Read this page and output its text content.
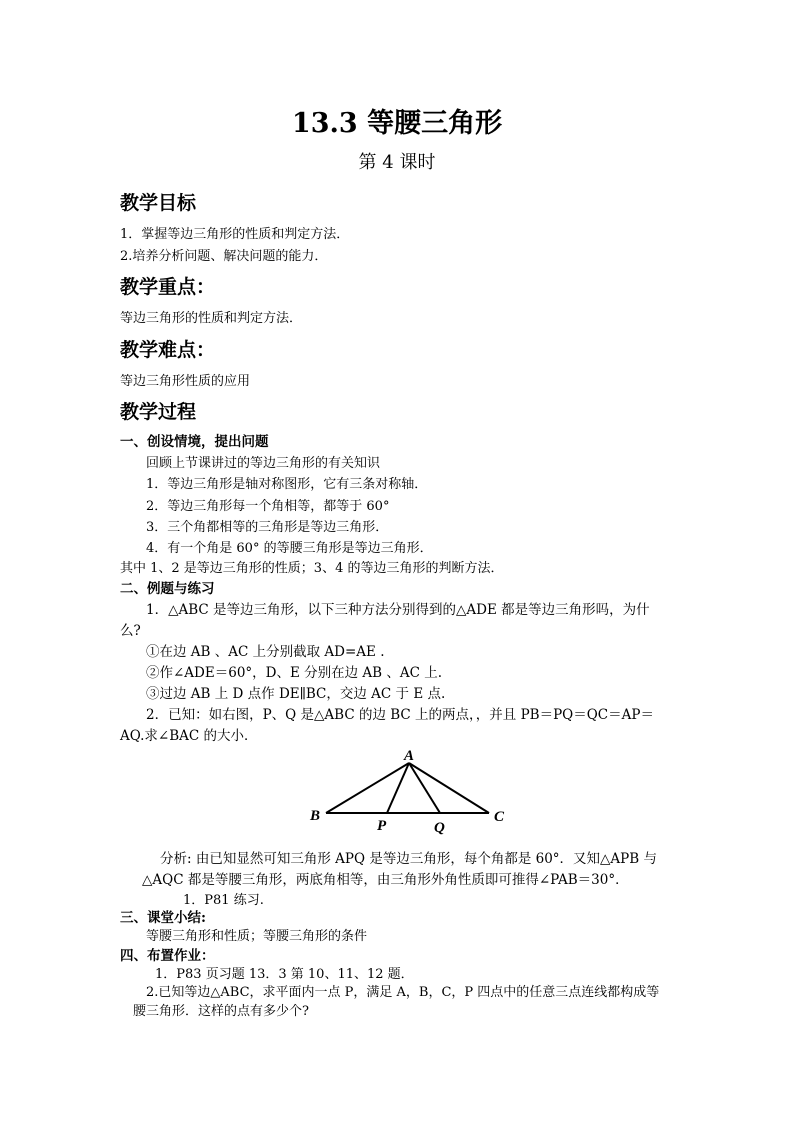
13.3 等腰三角形
第 4 课时
教学目标
1．掌握等边三角形的性质和判定方法．
2.培养分析问题、解决问题的能力．
教学重点：
等边三角形的性质和判定方法．
教学难点：
等边三角形性质的应用
教学过程
一、创设情境，提出问题
回顾上节课讲过的等边三角形的有关知识
1．等边三角形是轴对称图形，它有三条对称轴．
2．等边三角形每一个角相等，都等于 60°
3．三个角都相等的三角形是等边三角形．
4．有一个角是 60° 的等腰三角形是等边三角形．
其中 1、2 是等边三角形的性质；3、4 的等边三角形的判断方法．
二、例题与练习
1．△ABC 是等边三角形，以下三种方法分别得到的△ADE 都是等边三角形吗，为什
么?
①在边 AB 、AC 上分别截取 AD=AE .
②作∠ADE＝60°，D、E 分别在边 AB 、AC 上.
③过边 AB 上 D 点作 DE∥BC，交边 AC 于 E 点.
2．已知：如右图，P、Q 是△ABC 的边 BC 上的两点，，并且 PB＝PQ＝QC＝AP＝
AQ.求∠BAC 的大小．
A
B	C
P	Q
分析: 由已知显然可知三角形 APQ 是等边三角形，每个角都是 60°．又知△APB 与
△AQC 都是等腰三角形，两底角相等，由三角形外角性质即可推得∠PAB＝30°．
1．P81 练习.
三、课堂小结:
等腰三角形和性质；等腰三角形的条件
四、布置作业：
1．P83 页习题 13．3 第 10、11、12 题．
2.已知等边△ABC，求平面内一点 P，满足 A，B，C，P 四点中的任意三点连线都构成等
腰三角形．这样的点有多少个?
